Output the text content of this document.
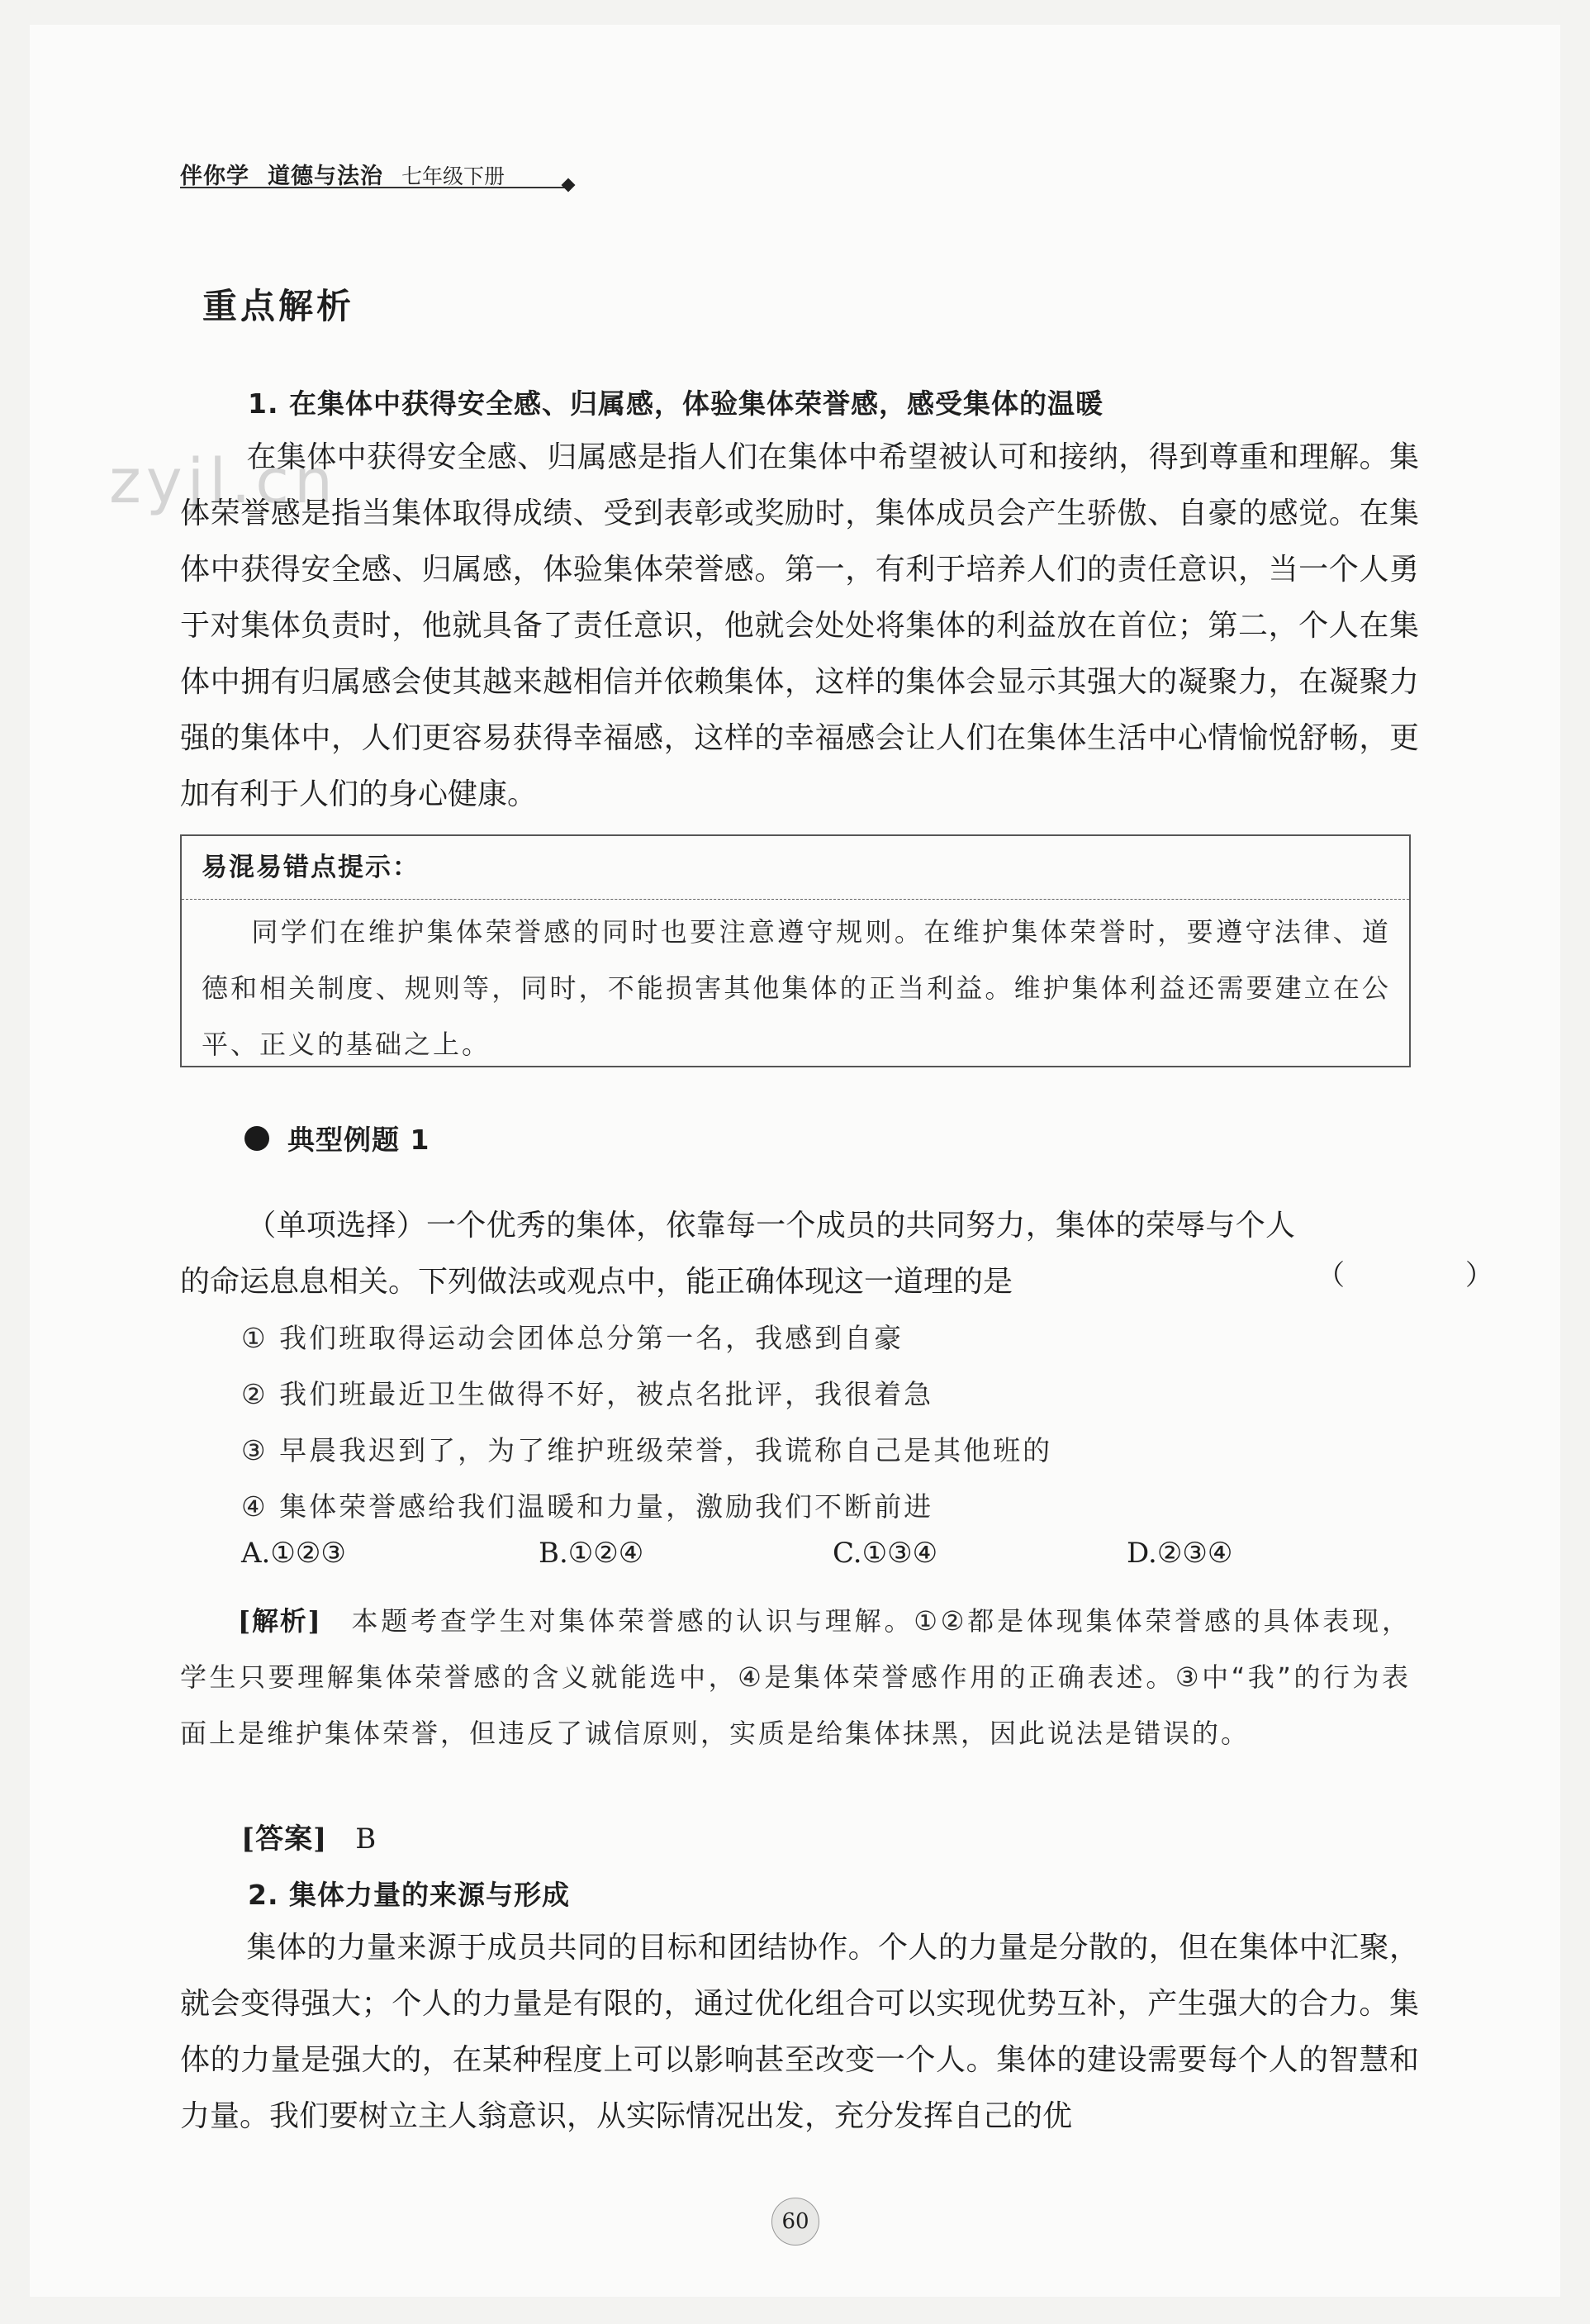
zyjl.cn
伴你学 道德与法治 七年级下册
重点解析
1. 在集体中获得安全感、归属感，体验集体荣誉感，感受集体的温暖
在集体中获得安全感、归属感是指人们在集体中希望被认可和接纳，得到尊重和理解。集体荣誉感是指当集体取得成绩、受到表彰或奖励时，集体成员会产生骄傲、自豪的感觉。在集体中获得安全感、归属感，体验集体荣誉感。第一，有利于培养人们的责任意识，当一个人勇于对集体负责时，他就具备了责任意识，他就会处处将集体的利益放在首位；第二，个人在集体中拥有归属感会使其越来越相信并依赖集体，这样的集体会显示其强大的凝聚力，在凝聚力强的集体中，人们更容易获得幸福感，这样的幸福感会让人们在集体生活中心情愉悦舒畅，更加有利于人们的身心健康。
易混易错点提示：
同学们在维护集体荣誉感的同时也要注意遵守规则。在维护集体荣誉时，要遵守法律、道德和相关制度、规则等，同时，不能损害其他集体的正当利益。维护集体利益还需要建立在公平、正义的基础之上。
典型例题 1
（单项选择）一个优秀的集体，依靠每一个成员的共同努力，集体的荣辱与个人的命运息息相关。下列做法或观点中，能正确体现这一道理的是	（　）
① 我们班取得运动会团体总分第一名，我感到自豪
② 我们班最近卫生做得不好，被点名批评，我很着急
③ 早晨我迟到了，为了维护班级荣誉，我谎称自己是其他班的
④ 集体荣誉感给我们温暖和力量，激励我们不断前进
A.①②③	B.①②④	C.①③④	D.②③④
[解析]　 本题考查学生对集体荣誉感的认识与理解。①②都是体现集体荣誉感的具体表现，学生只要理解集体荣誉感的含义就能选中，④是集体荣誉感作用的正确表述。③中“我”的行为表面上是维护集体荣誉，但违反了诚信原则，实质是给集体抹黑，因此说法是错误的。
[答案]　 B
2. 集体力量的来源与形成
集体的力量来源于成员共同的目标和团结协作。个人的力量是分散的，但在集体中汇聚，就会变得强大；个人的力量是有限的，通过优化组合可以实现优势互补，产生强大的合力。集体的力量是强大的，在某种程度上可以影响甚至改变一个人。集体的建设需要每个人的智慧和力量。我们要树立主人翁意识，从实际情况出发，充分发挥自己的优
60
